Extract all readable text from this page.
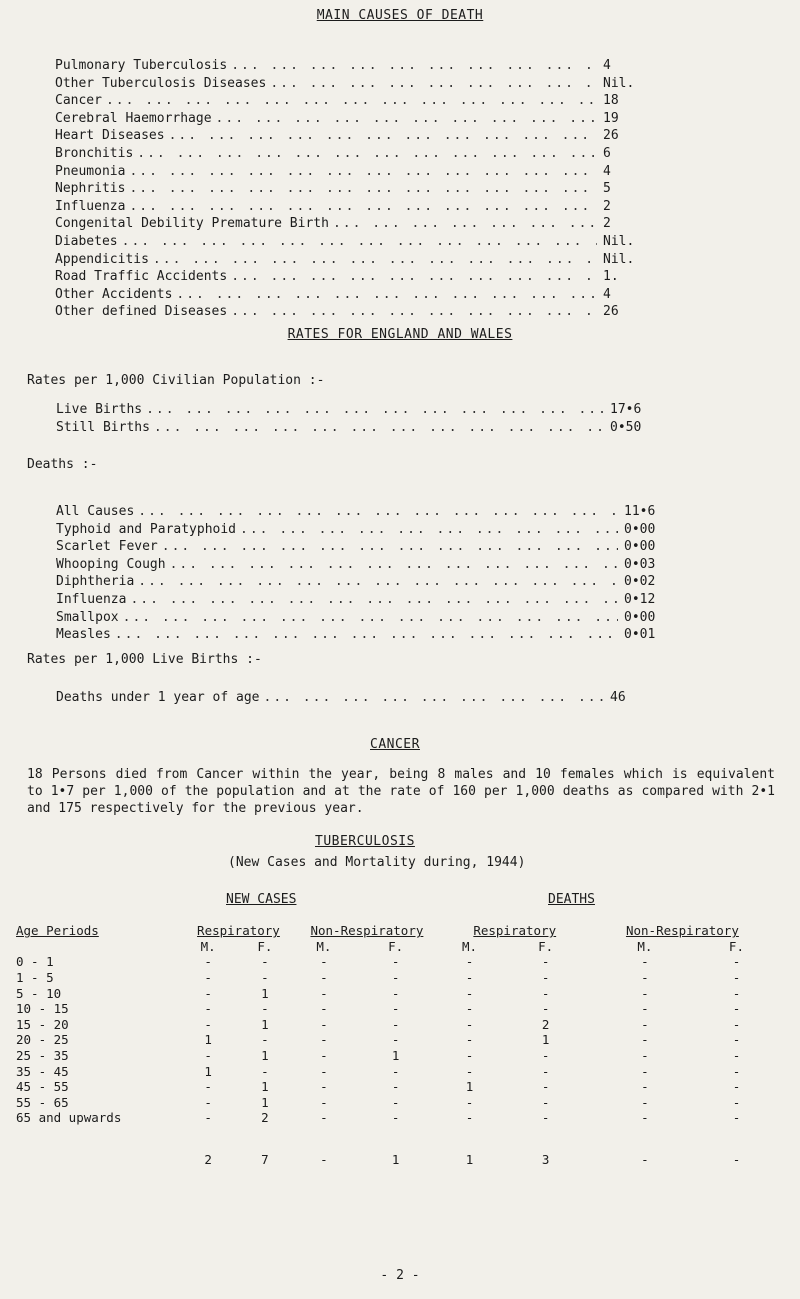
MAIN CAUSES OF DEATH
Pulmonary Tuberculosis ... .	4
Other Tuberculosis Diseases ... .	Nil.
Cancer ... .	18
Cerebral Haemorrhage ... .	19
Heart Diseases ... .	26
Bronchitis ... .	6
Pneumonia ... .	4
Nephritis ... .	5
Influenza ... .	2
Congenital Debility Premature Birth ... .	2
Diabetes ... .	Nil.
Appendicitis ... .	Nil.
Road Traffic Accidents ... .	1.
Other Accidents ... .	4
Other defined Diseases ... .	26
RATES FOR ENGLAND AND WALES
Rates per 1,000 Civilian Population :-
Live Births ... .	17•6
Still Births ... .	0•50
Deaths :-
All Causes ... .	11•6
Typhoid and Paratyphoid ... .	0•00
Scarlet Fever ... .	0•00
Whooping Cough ... .	0•03
Diphtheria ... .	0•02
Influenza ... .	0•12
Smallpox ... .	0•00
Measles ... .	0•01
Rates per 1,000 Live Births :-
Deaths under 1 year of age ... .	46
CANCER
18 Persons died from Cancer within the year, being 8 males and 10 females which is equivalent to 1•7 per 1,000 of the population and at the rate of 160 per 1,000 deaths as compared with 2•1 and 175 respectively for the previous year.
TUBERCULOSIS
(New Cases and Mortality during, 1944)
NEW CASES	DEATHS
Age Periods	Respiratory		Non-Respiratory		Respiratory		Non-Respiratory	
	M.	F.	M.	F.	M.	F.	M.	F.
0 - 1	-	-	-	-	-	-	-	-
1 - 5	-	-	-	-	-	-	-	-
5 - 10	-	1	-	-	-	-	-	-
10 - 15	-	-	-	-	-	-	-	-
15 - 20	-	1	-	-	-	2	-	-
20 - 25	1	-	-	-	-	1	-	-
25 - 35	-	1	-	1	-	-	-	-
35 - 45	1	-	-	-	-	-	-	-
45 - 55	-	1	-	-	1	-	-	-
55 - 65	-	1	-	-	-	-	-	-
65 and upwards	-	2	-	-	-	-	-	-

	2	7	-	1	1	3	-	-
- 2 -
